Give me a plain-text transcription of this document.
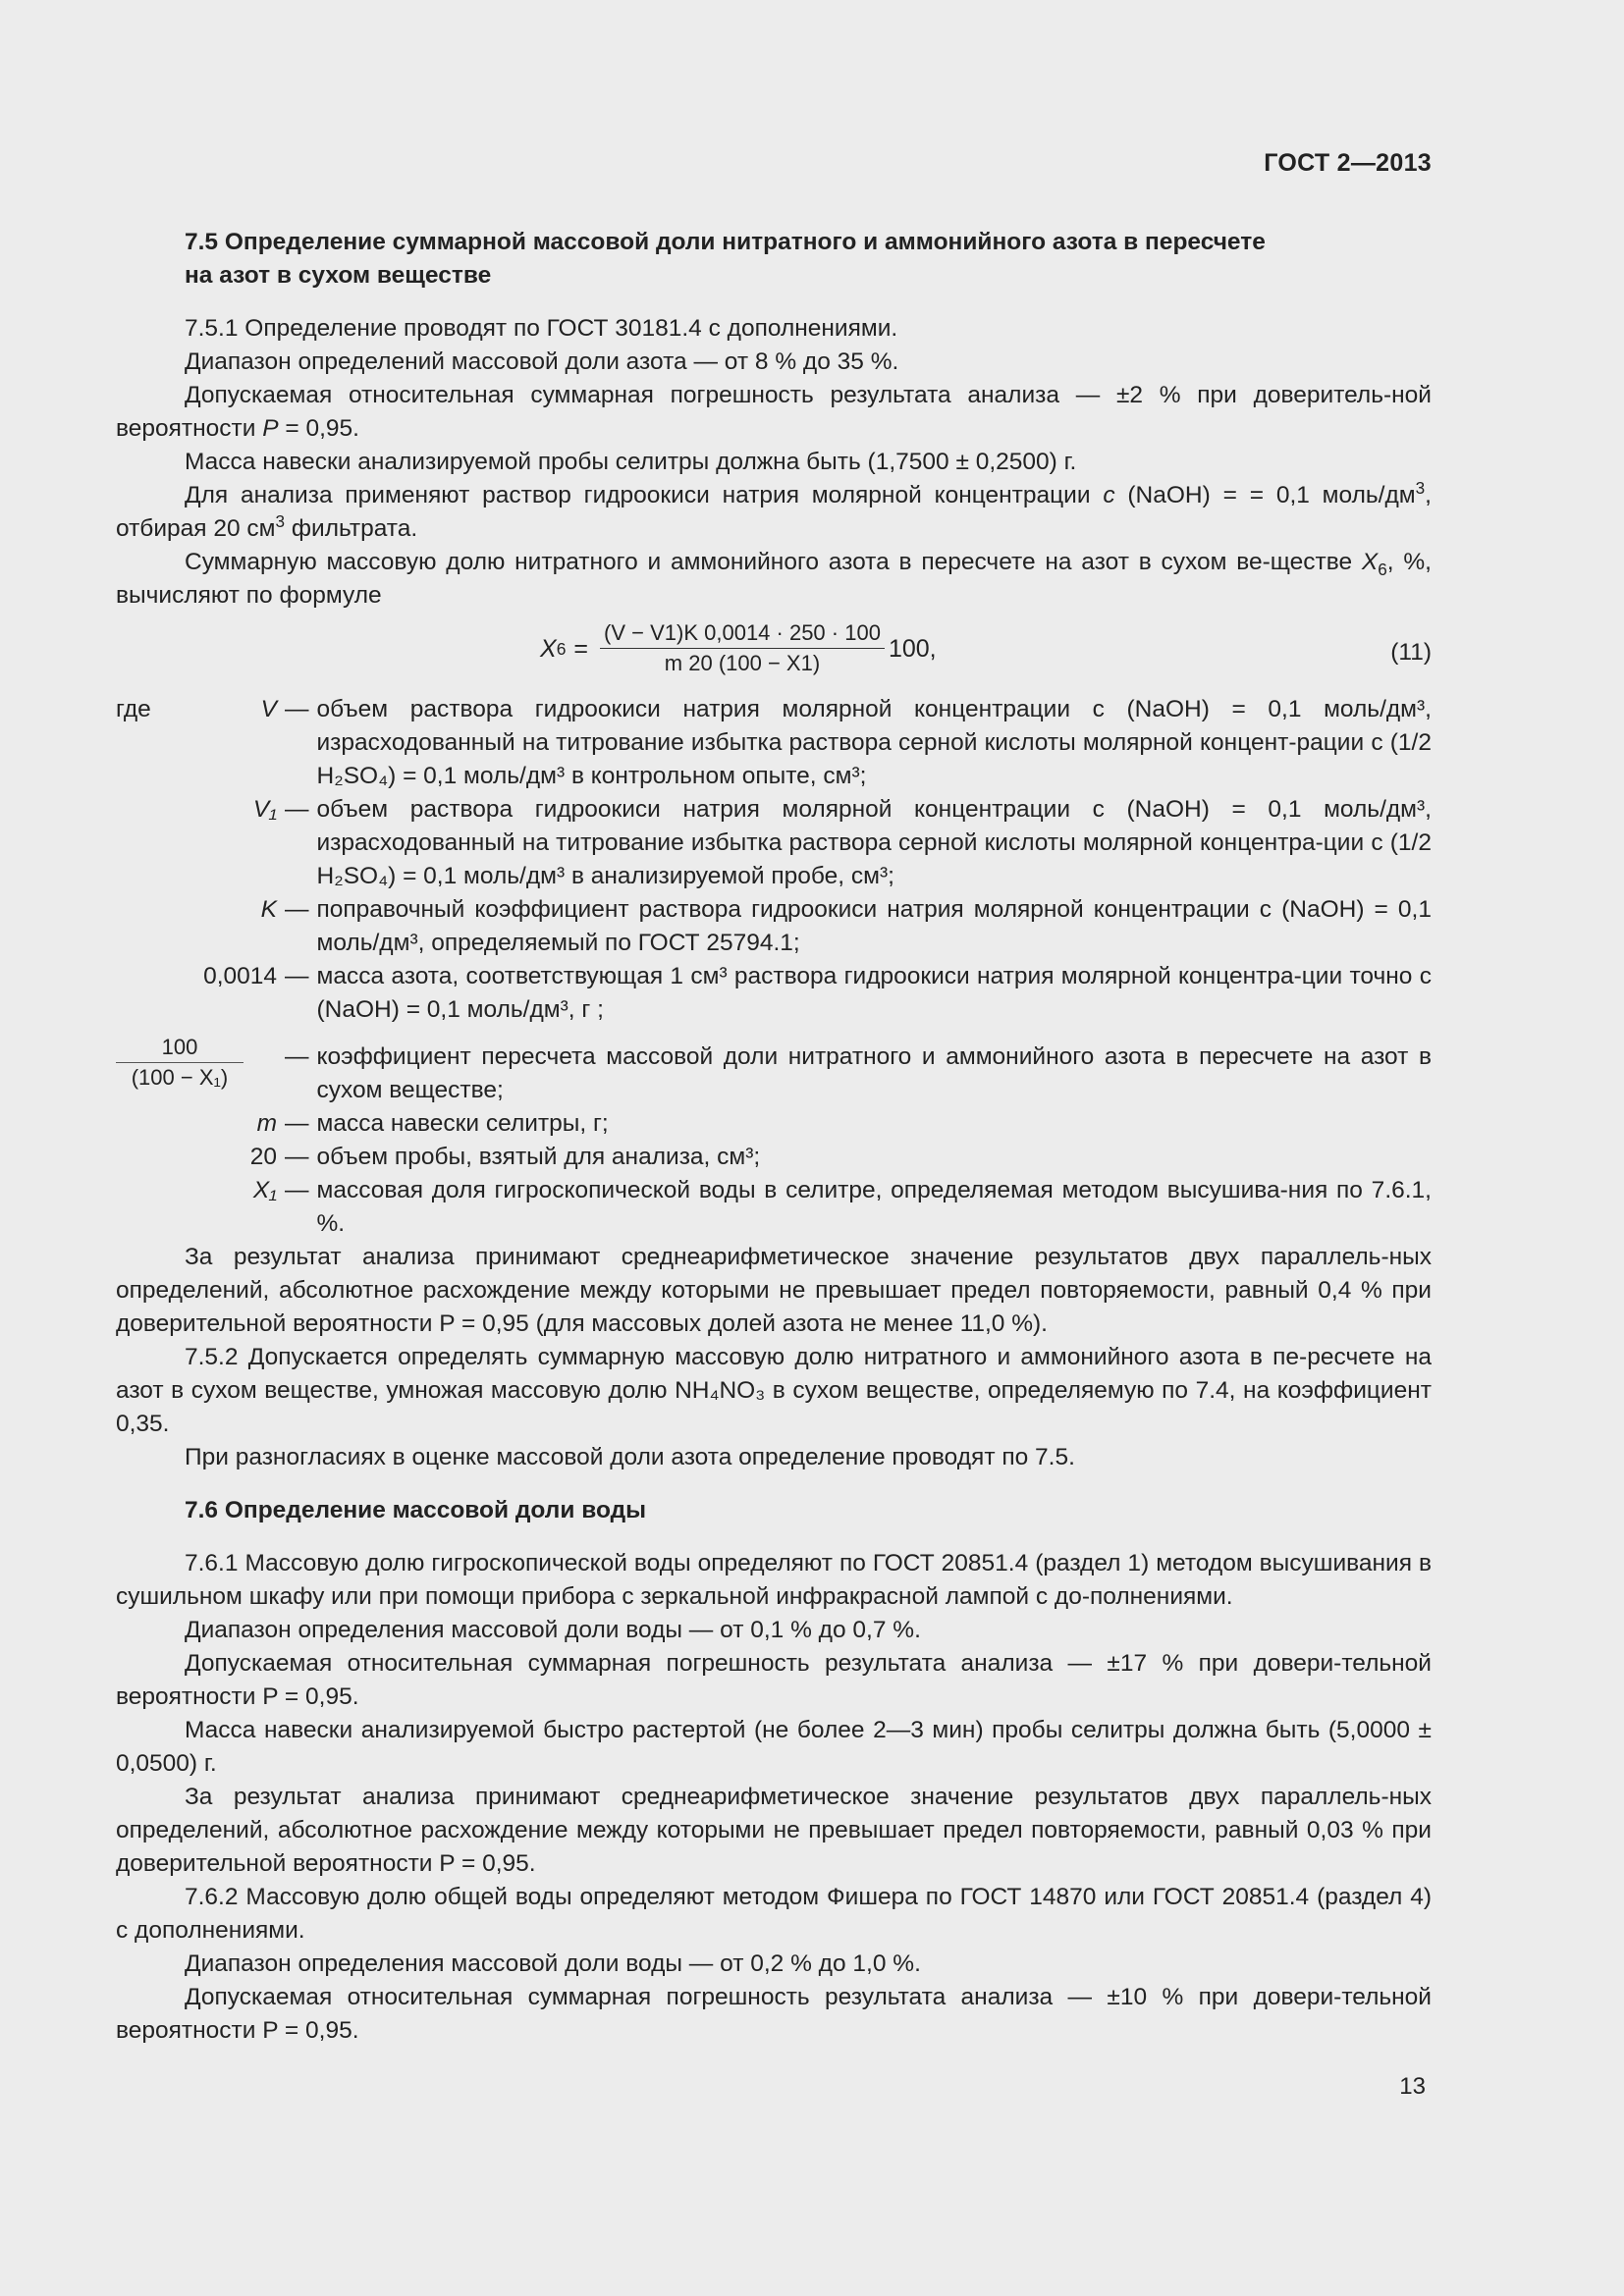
ГОСТ 2—2013
7.5 Определение суммарной массовой доли нитратного и аммонийного азота в пересчете
на азот в сухом веществе
7.5.1 Определение проводят по ГОСТ 30181.4 с дополнениями.
Диапазон определений массовой доли азота — от 8 % до 35 %.
Допускаемая относительная суммарная погрешность результата анализа — ±2 % при доверитель-ной вероятности P = 0,95.
Масса навески анализируемой пробы селитры должна быть (1,7500 ± 0,2500) г.
Для анализа применяют раствор гидроокиси натрия молярной концентрации c (NaOH) = = 0,1 моль/$дм^3$, отбирая 20 $см^3$ фильтрата.
Суммарную массовую долю нитратного и аммонийного азота в пересчете на азот в сухом ве-ществе $X_6$, %, вычисляют по формуле
X $6 = \frac{(V - V1)K 0,0014 \cdot 250 \cdot 100}{m 20 (100 - X1)} 100$,	(11)
где	V — объем раствора гидроокиси натрия молярной концентрации c (NaOH) = 0,1 моль/дм³, израсходованный на титрование избытка раствора серной кислоты молярной концент-рации c (1/2 H₂SO₄) = 0,1 моль/дм³ в контрольном опыте, см³;
V₁ — объем раствора гидроокиси натрия молярной концентрации c (NaOH) = 0,1 моль/дм³, израсходованный на титрование избытка раствора серной кислоты молярной концентра-ции c (1/2 H₂SO₄) = 0,1 моль/дм³ в анализируемой пробе, см³;
K — поправочный коэффициент раствора гидроокиси натрия молярной концентрации c (NaOH) = 0,1 моль/дм³, определяемый по ГОСТ 25794.1;
0,0014 — масса азота, соответствующая 1 см³ раствора гидроокиси натрия молярной концентра-ции точно c (NaOH) = 0,1 моль/дм³, г ;
$\frac{100}{\text{(100 − X₁)}}$ — коэффициент пересчета массовой доли нитратного и аммонийного азота в пересчете на азот в сухом веществе;
m — масса навески селитры, г;
20 — объем пробы, взятый для анализа, см³;
X₁ — массовая доля гигроскопической воды в селитре, определяемая методом высушива-ния по 7.6.1, %.
За результат анализа принимают среднеарифметическое значение результатов двух параллель-ных определений, абсолютное расхождение между которыми не превышает предел повторяемости, равный 0,4 % при доверительной вероятности P = 0,95 (для массовых долей азота не менее 11,0 %).
7.5.2 Допускается определять суммарную массовую долю нитратного и аммонийного азота в пе-ресчете на азот в сухом веществе, умножая массовую долю NH₄NO₃ в сухом веществе, определяемую по 7.4, на коэффициент 0,35.
При разногласиях в оценке массовой доли азота определение проводят по 7.5.
7.6 Определение массовой доли воды
7.6.1 Массовую долю гигроскопической воды определяют по ГОСТ 20851.4 (раздел 1) методом высушивания в сушильном шкафу или при помощи прибора с зеркальной инфракрасной лампой с до-полнениями.
Диапазон определения массовой доли воды — от 0,1 % до 0,7 %.
Допускаемая относительная суммарная погрешность результата анализа — ±17 % при довери-тельной вероятности P = 0,95.
Масса навески анализируемой быстро растертой (не более 2—3 мин) пробы селитры должна быть (5,0000 ± 0,0500) г.
За результат анализа принимают среднеарифметическое значение результатов двух параллель-ных определений, абсолютное расхождение между которыми не превышает предел повторяемости, равный 0,03 % при доверительной вероятности P = 0,95.
7.6.2 Массовую долю общей воды определяют методом Фишера по ГОСТ 14870 или ГОСТ 20851.4 (раздел 4) с дополнениями.
Диапазон определения массовой доли воды — от 0,2 % до 1,0 %.
Допускаемая относительная суммарная погрешность результата анализа — ±10 % при довери-тельной вероятности P = 0,95.
13
